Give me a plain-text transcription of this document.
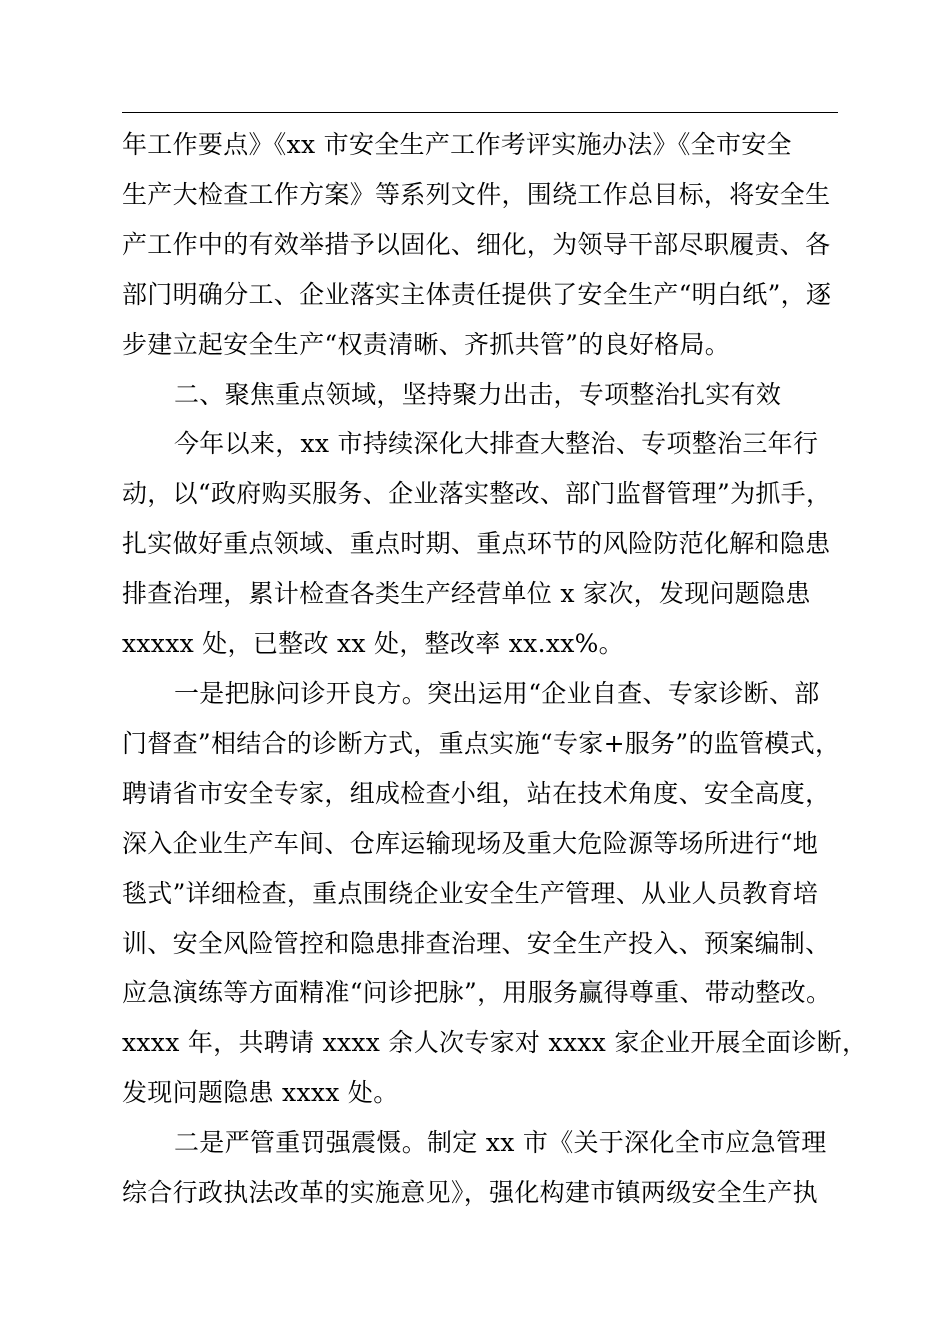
年工作要点》《xx 市安全生产工作考评实施办法》《全市安全
生产大检查工作方案》等系列文件，围绕工作总目标，将安全生
产工作中的有效举措予以固化、细化，为领导干部尽职履责、各
部门明确分工、企业落实主体责任提供了安全生产“明白纸”，逐
步建立起安全生产“权责清晰、齐抓共管”的良好格局。

二、聚焦重点领域，坚持聚力出击，专项整治扎实有效

今年以来，xx 市持续深化大排查大整治、专项整治三年行
动，以“政府购买服务、企业落实整改、部门监督管理”为抓手，
扎实做好重点领域、重点时期、重点环节的风险防范化解和隐患
排查治理，累计检查各类生产经营单位 x 家次，发现问题隐患
xxxxx 处，已整改 xx 处，整改率 xx.xx%。

一是把脉问诊开良方。突出运用“企业自查、专家诊断、部
门督查”相结合的诊断方式，重点实施“专家+服务”的监管模式，
聘请省市安全专家，组成检查小组，站在技术角度、安全高度，
深入企业生产车间、仓库运输现场及重大危险源等场所进行“地
毯式”详细检查，重点围绕企业安全生产管理、从业人员教育培
训、安全风险管控和隐患排查治理、安全生产投入、预案编制、
应急演练等方面精准“问诊把脉”，用服务赢得尊重、带动整改。
xxxx 年，共聘请 xxxx 余人次专家对 xxxx 家企业开展全面诊断，
发现问题隐患 xxxx 处。

二是严管重罚强震慑。制定 xx 市《关于深化全市应急管理
综合行政执法改革的实施意见》，强化构建市镇两级安全生产执
